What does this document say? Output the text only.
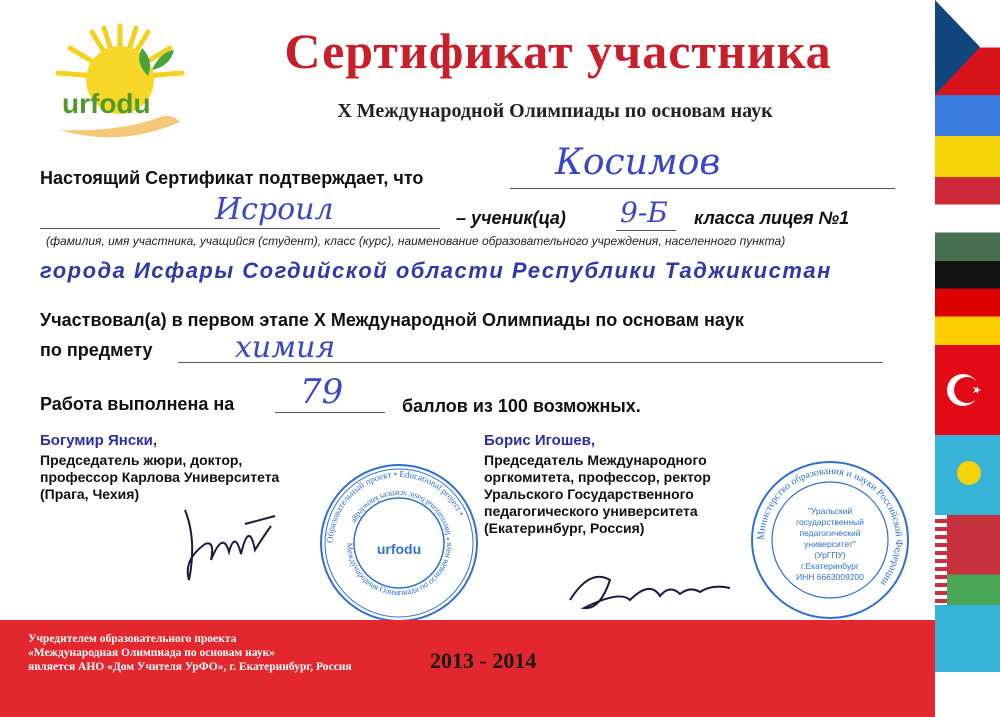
urfodu
Сертификат участника
X Международной Олимпиады по основам наук
Настоящий Сертификат подтверждает, что	Косимов
Исроил	– ученик(ца) 9-Б класса лицея №1
(фамилия, имя участника, учащийся (студент), класс (курс), наименование образовательного учреждения, населенного пункта)
города Исфары Согдийской области Республики Таджикистан
Участвовал(а) в первом этапе X Международной Олимпиады по основам наук
по предмету	химия
Работа выполнена на 79	баллов из 100 возможных.
Богумир Янски,
Председатель жюри, доктор,
профессор Карлова Университета
(Прага, Чехия)
Образовательный проект • Educational project •
Международная Олимпиада по основам наук • International basic sciences knowledge
urfodu
Борис Игошев,
Председатель Международного
оргкомитета, профессор, ректор
Уральского Государственного
педагогического университета
(Екатеринбург, Россия)	Министерство образования и науки Российской Федерации
"Уральский
государственный
педагогический
университет"
(УрГПУ)
г.Екатеринбург
ИНН 6663009200
Учредителем образовательного проекта
«Международная Олимпиада по основам наук»
является АНО «Дом Учителя УрФО», г. Екатеринбург, Россия	2013 - 2014
